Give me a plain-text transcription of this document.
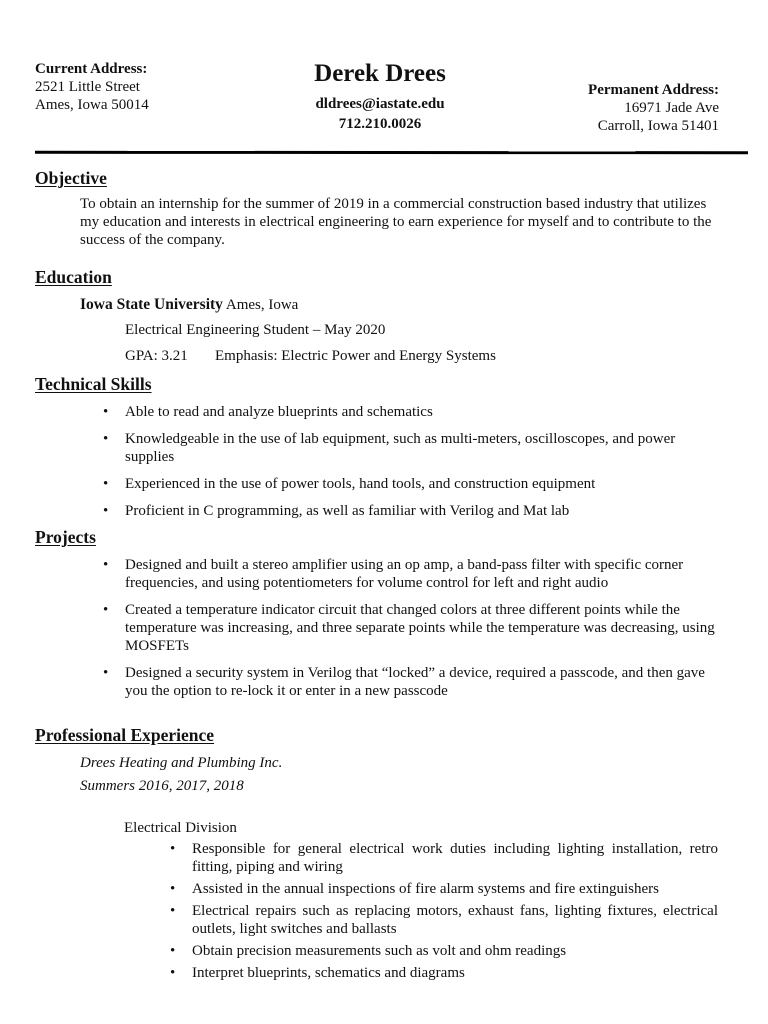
Current Address:
2521 Little Street
Ames, Iowa 50014
Derek Drees
dldrees@iastate.edu
712.210.0026
Permanent Address:
16971 Jade Ave
Carroll, Iowa 51401
Objective
To obtain an internship for the summer of 2019 in a commercial construction based industry that utilizes
my education and interests in electrical engineering to earn experience for myself and to contribute to the
success of the company.
Education
Iowa State University Ames, Iowa
Electrical Engineering Student – May 2020
GPA: 3.21 Emphasis: Electric Power and Energy Systems
Technical Skills
• Able to read and analyze blueprints and schematics
• Knowledgeable in the use of lab equipment, such as multi-meters, oscilloscopes, and power
supplies
• Experienced in the use of power tools, hand tools, and construction equipment
• Proficient in C programming, as well as familiar with Verilog and Mat lab
Projects
• Designed and built a stereo amplifier using an op amp, a band-pass filter with specific corner
frequencies, and using potentiometers for volume control for left and right audio
• Created a temperature indicator circuit that changed colors at three different points while the
temperature was increasing, and three separate points while the temperature was decreasing, using
MOSFETs
• Designed a security system in Verilog that “locked” a device, required a passcode, and then gave
you the option to re-lock it or enter in a new passcode
Professional Experience
Drees Heating and Plumbing Inc.
Summers 2016, 2017, 2018
Electrical Division
• Responsible for general electrical work duties including lighting installation, retro
fitting, piping and wiring
• Assisted in the annual inspections of fire alarm systems and fire extinguishers
• Electrical repairs such as replacing motors, exhaust fans, lighting fixtures, electrical
outlets, light switches and ballasts
• Obtain precision measurements such as volt and ohm readings
• Interpret blueprints, schematics and diagrams
